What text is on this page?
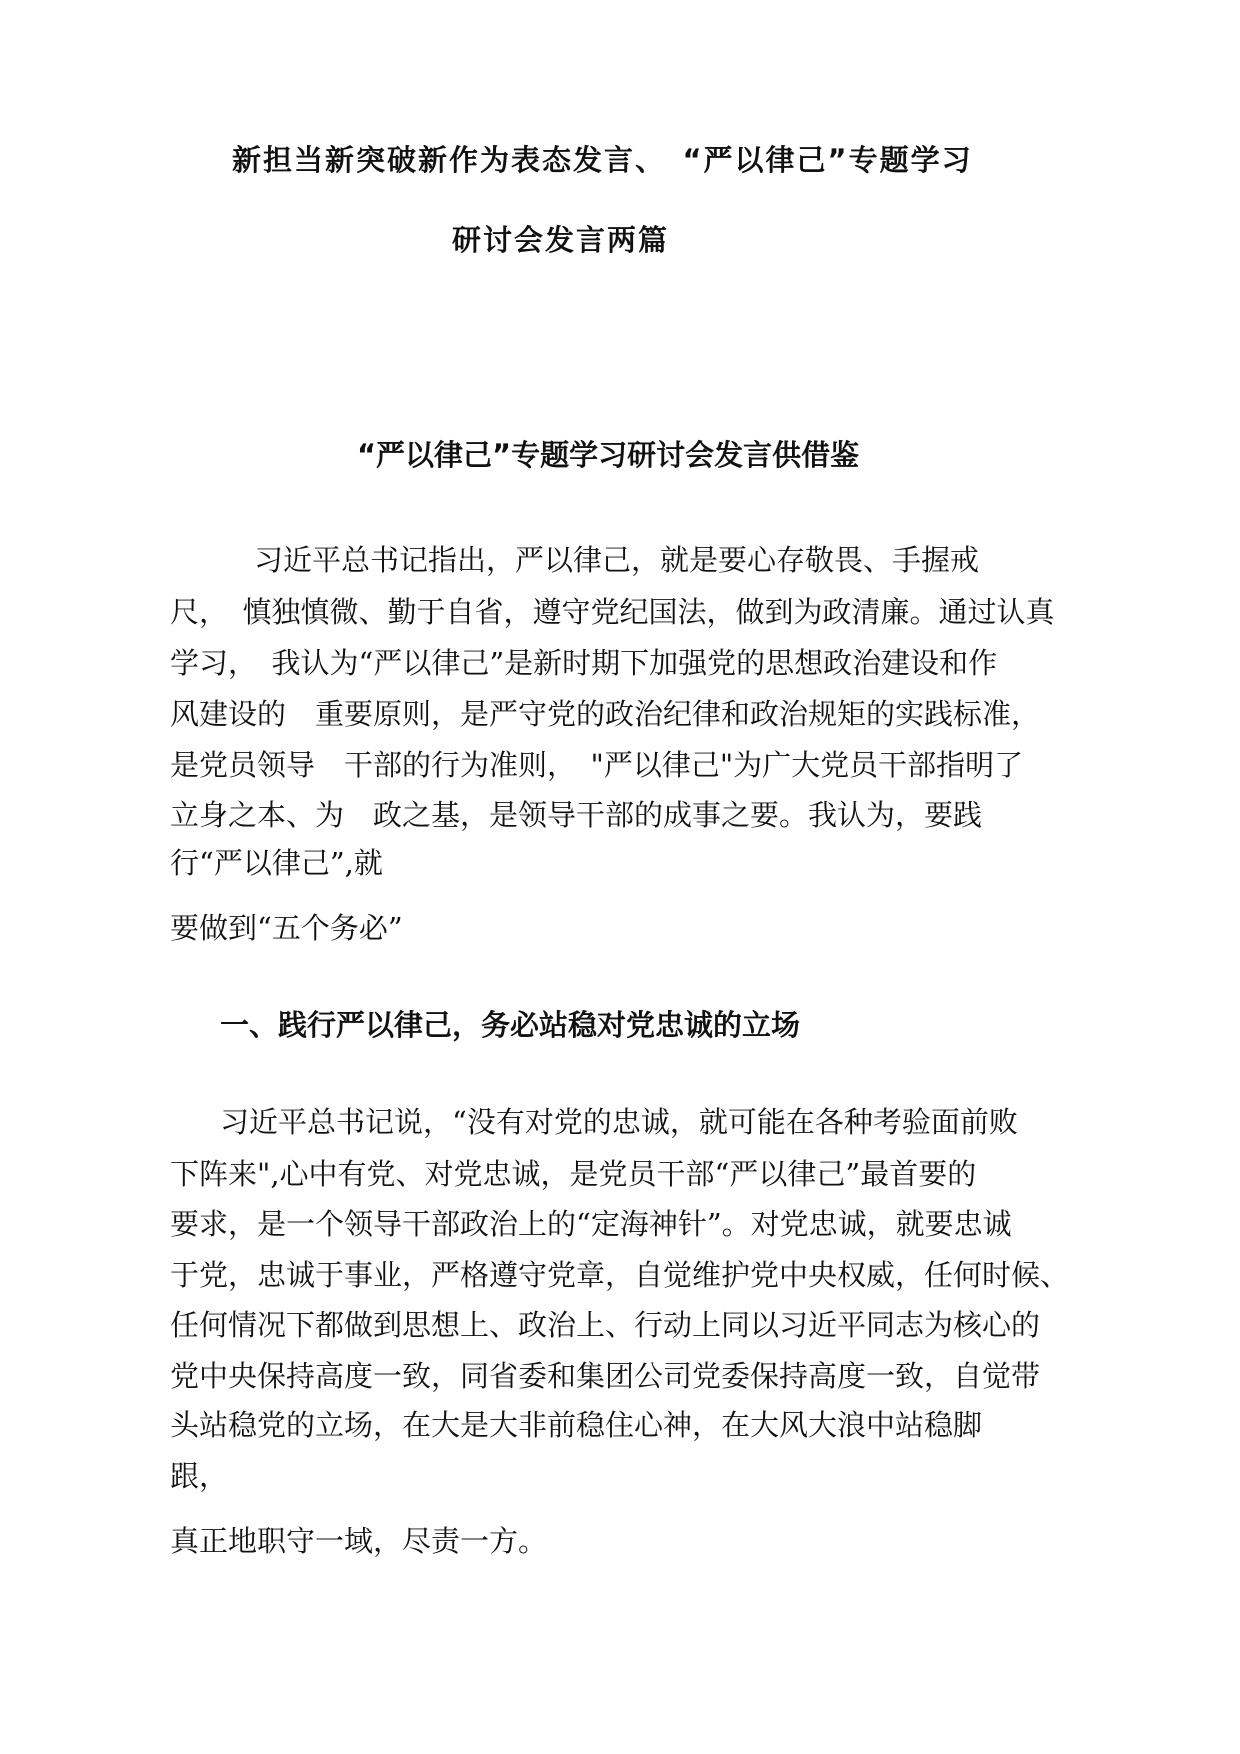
新担当新突破新作为表态发言、　“严以律己”专题学习
研讨会发言两篇
“严以律己”专题学习研讨会发言供借鉴
习近平总书记指出，严以律己，就是要心存敬畏、手握戒
尺，　慎独慎微、勤于自省，遵守党纪国法，做到为政清廉。通过认真
学习，　我认为“严以律己”是新时期下加强党的思想政治建设和作
风建设的　重要原则，是严守党的政治纪律和政治规矩的实践标准，
是党员领导　干部的行为准则，　"严以律己"为广大党员干部指明了
立身之本、为　政之基，是领导干部的成事之要。我认为，要践
行“严以律己”,就
要做到“五个务必”
一、践行严以律己，务必站稳对党忠诚的立场
习近平总书记说，“没有对党的忠诚，就可能在各种考验面前败
下阵来",心中有党、对党忠诚，是党员干部“严以律己”最首要的
要求，是一个领导干部政治上的“定海神针”。对党忠诚，就要忠诚
于党，忠诚于事业，严格遵守党章，自觉维护党中央权威，任何时候、
任何情况下都做到思想上、政治上、行动上同以习近平同志为核心的
党中央保持高度一致，同省委和集团公司党委保持高度一致，自觉带
头站稳党的立场，在大是大非前稳住心神，在大风大浪中站稳脚
跟，
真正地职守一域，尽责一方。
